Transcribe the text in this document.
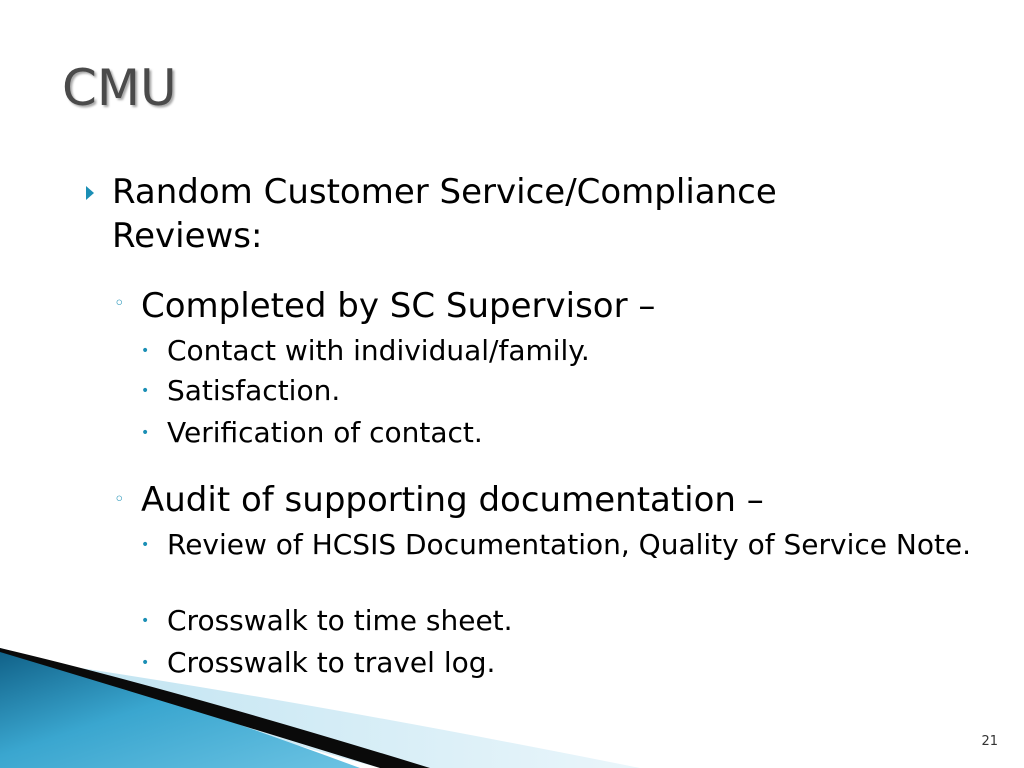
CMU
Random Customer Service/Compliance Reviews:
◦ Completed by SC Supervisor –
• Contact with individual/family.
• Satisfaction.
• Verification of contact.
◦ Audit of supporting documentation –
• Review of HCSIS Documentation, Quality of Service Note.
• Crosswalk to time sheet.
• Crosswalk to travel log.
21
